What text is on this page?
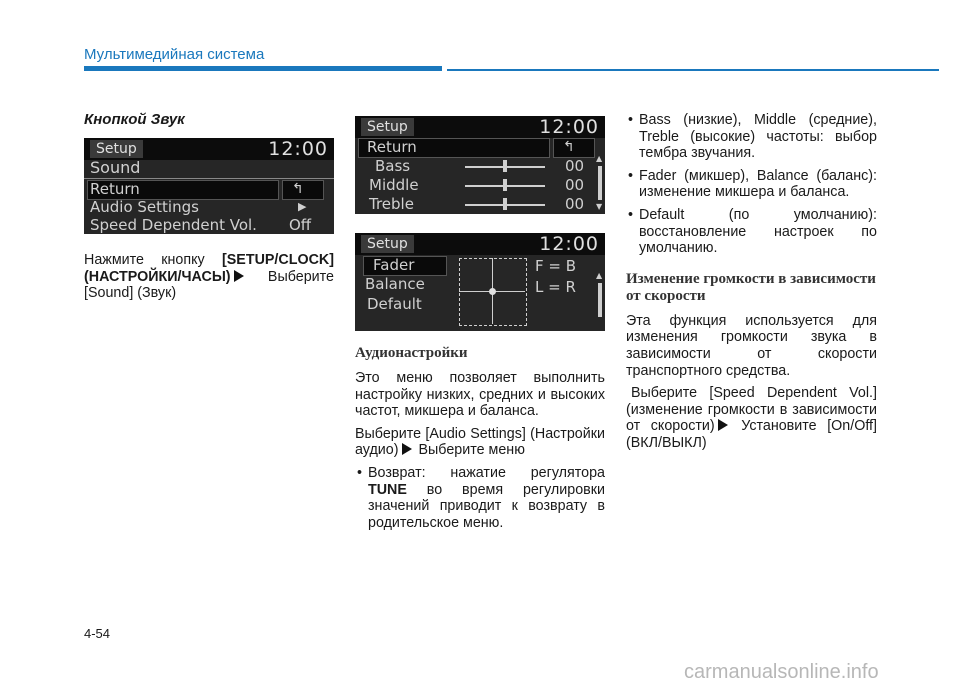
Мультимедийная система
Кнопкой Звук
Setup	12:00
Sound
Return	↰
Audio Settings	▶
Speed Dependent Vol. Off

Нажмите кнопку [SETUP/CLOCK] (НАСТРОЙКИ/ЧАСЫ) Выберите [Sound] (Звук)

Setup	12:00
Return	↰
Bass	00
Middle	00
Treble	00
▲
▼
Setup	12:00
Fader
Balance
Default
F = B
L = R
▲
Аудионастройки

Это меню позволяет выполнить настройку низких, средних и высоких частот, микшера и баланса.

Выберите [Audio Settings] (Настройки аудио) Выберите меню

• Возврат: нажатие регулятора TUNE во время регулировки значений приводит к возврату в родительское меню.
• Bass (низкие), Middle (средние), Treble (высокие) частоты: выбор тембра звучания.
• Fader (микшер), Balance (баланс): изменение микшера и баланса.
• Default (по умолчанию): восстановление настроек по умолчанию.
Изменение громкости в зависимости от скорости

Эта функция используется для изменения громкости звука в зависимости от скорости транспортного средства.

Выберите [Speed Dependent Vol.] (изменение громкости в зависимости от скорости) Установите [On/Off] (ВКЛ/ВЫКЛ)

4-54
carmanualsonline.info
